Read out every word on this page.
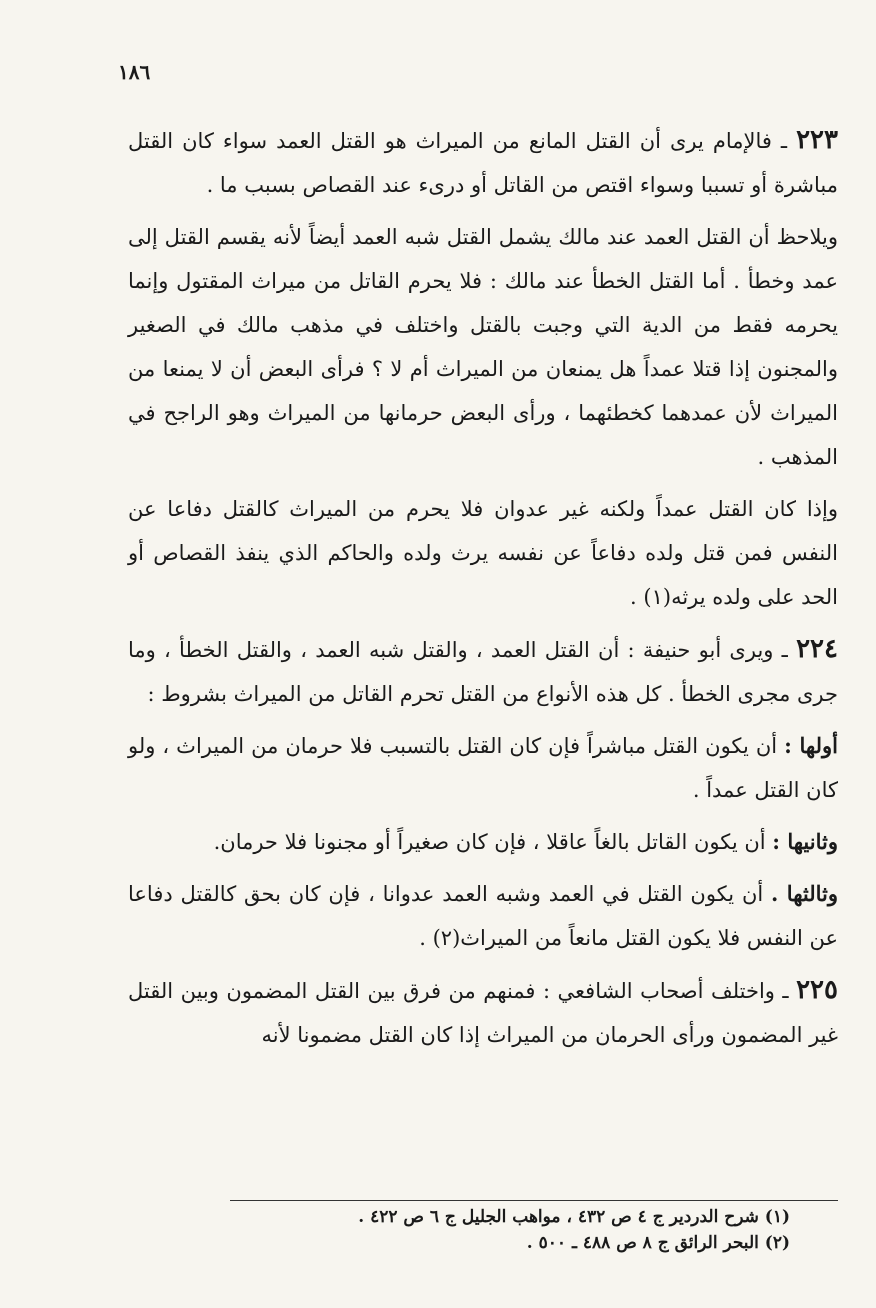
١٨٦

٢٢٣ ـ فالإمام يرى أن القتل المانع من الميراث هو القتل العمد سواء كان القتل مباشرة أو تسببا وسواء اقتص من القاتل أو درىء عند القصاص بسبب ما .

ويلاحظ أن القتل العمد عند مالك يشمل القتل شبه العمد أيضاً لأنه يقسم القتل إلى عمد وخطأ . أما القتل الخطأ عند مالك : فلا يحرم القاتل من ميراث المقتول وإنما يحرمه فقط من الدية التي وجبت بالقتل واختلف في مذهب مالك في الصغير والمجنون إذا قتلا عمداً هل يمنعان من الميراث أم لا ؟ فرأى البعض أن لا يمنعا من الميراث لأن عمدهما كخطئهما ، ورأى البعض حرمانها من الميراث وهو الراجح في المذهب .

وإذا كان القتل عمداً ولكنه غير عدوان فلا يحرم من الميراث كالقتل دفاعا عن النفس فمن قتل ولده دفاعاً عن نفسه يرث ولده والحاكم الذي ينفذ القصاص أو الحد على ولده يرثه(١) .

٢٢٤ ـ ويرى أبو حنيفة : أن القتل العمد ، والقتل شبه العمد ، والقتل الخطأ ، وما جرى مجرى الخطأ . كل هذه الأنواع من القتل تحرم القاتل من الميراث بشروط :

أولها : أن يكون القتل مباشراً فإن كان القتل بالتسبب فلا حرمان من الميراث ، ولو كان القتل عمداً .

وثانيها : أن يكون القاتل بالغاً عاقلا ، فإن كان صغيراً أو مجنونا فلا حرمان.

وثالثها . أن يكون القتل في العمد وشبه العمد عدوانا ، فإن كان بحق كالقتل دفاعا عن النفس فلا يكون القتل مانعاً من الميراث(٢) .

٢٢٥ ـ واختلف أصحاب الشافعي : فمنهم من فرق بين القتل المضمون وبين القتل غير المضمون ورأى الحرمان من الميراث إذا كان القتل مضمونا لأنه

(١) شرح الدردير ج ٤ ص ٤٣٢ ، مواهب الجليل ج ٦ ص ٤٢٢ .

(٢) البحر الرائق ج ٨ ص ٤٨٨ ـ ٥٠٠ .
